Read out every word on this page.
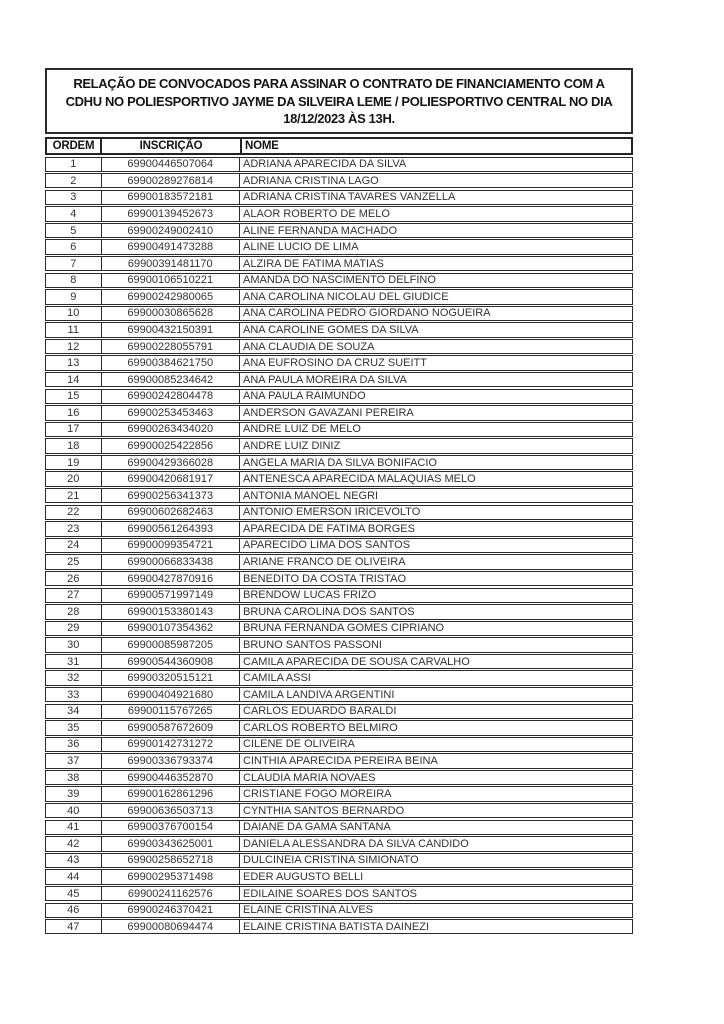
RELAÇÃO DE CONVOCADOS PARA ASSINAR O CONTRATO DE FINANCIAMENTO COM A
CDHU NO POLIESPORTIVO JAYME DA SILVEIRA LEME / POLIESPORTIVO CENTRAL NO DIA
18/12/2023 ÀS 13H.
ORDEM	INSCRIÇÃO	NOME
1	69900446507064	ADRIANA APARECIDA DA SILVA
2	69900289276814	ADRIANA CRISTINA LAGO
3	69900183572181	ADRIANA CRISTINA TAVARES VANZELLA
4	69900139452673	ALAOR ROBERTO DE MELO
5	69900249002410	ALINE FERNANDA MACHADO
6	69900491473288	ALINE LUCIO DE LIMA
7	69900391481170	ALZIRA DE FATIMA MATIAS
8	69900106510221	AMANDA DO NASCIMENTO DELFINO
9	69900242980065	ANA CAROLINA NICOLAU DEL GIUDICE
10	69900030865628	ANA CAROLINA PEDRO GIORDANO NOGUEIRA
11	69900432150391	ANA CAROLINE GOMES DA SILVA
12	69900228055791	ANA CLAUDIA DE SOUZA
13	69900384621750	ANA EUFROSINO DA CRUZ SUEITT
14	69900085234642	ANA PAULA MOREIRA DA SILVA
15	69900242804478	ANA PAULA RAIMUNDO
16	69900253453463	ANDERSON GAVAZANI PEREIRA
17	69900263434020	ANDRE LUIZ DE MELO
18	69900025422856	ANDRE LUIZ DINIZ
19	69900429366028	ANGELA MARIA DA SILVA BONIFACIO
20	69900420681917	ANTENESCA APARECIDA MALAQUIAS MELO
21	69900256341373	ANTONIA MANOEL NEGRI
22	69900602682463	ANTONIO EMERSON IRICEVOLTO
23	69900561264393	APARECIDA DE FATIMA BORGES
24	69900099354721	APARECIDO LIMA DOS SANTOS
25	69900066833438	ARIANE FRANCO DE OLIVEIRA
26	69900427870916	BENEDITO DA COSTA TRISTAO
27	69900571997149	BRENDOW LUCAS FRIZO
28	69900153380143	BRUNA CAROLINA DOS SANTOS
29	69900107354362	BRUNA FERNANDA GOMES CIPRIANO
30	69900085987205	BRUNO SANTOS PASSONI
31	69900544360908	CAMILA APARECIDA DE SOUSA CARVALHO
32	69900320515121	CAMILA ASSI
33	69900404921680	CAMILA LANDIVA ARGENTINI
34	69900115767265	CARLOS EDUARDO BARALDI
35	69900587672609	CARLOS ROBERTO BELMIRO
36	69900142731272	CILENE DE OLIVEIRA
37	69900336793374	CINTHIA APARECIDA PEREIRA BEINA
38	69900446352870	CLAUDIA MARIA NOVAES
39	69900162861296	CRISTIANE FOGO MOREIRA
40	69900636503713	CYNTHIA SANTOS BERNARDO
41	69900376700154	DAIANE DA GAMA SANTANA
42	69900343625001	DANIELA ALESSANDRA DA SILVA CANDIDO
43	69900258652718	DULCINEIA CRISTINA SIMIONATO
44	69900295371498	EDER AUGUSTO BELLI
45	69900241162576	EDILAINE SOARES DOS SANTOS
46	69900246370421	ELAINE CRISTINA ALVES
47	69900080694474	ELAINE CRISTINA BATISTA DAINEZI
